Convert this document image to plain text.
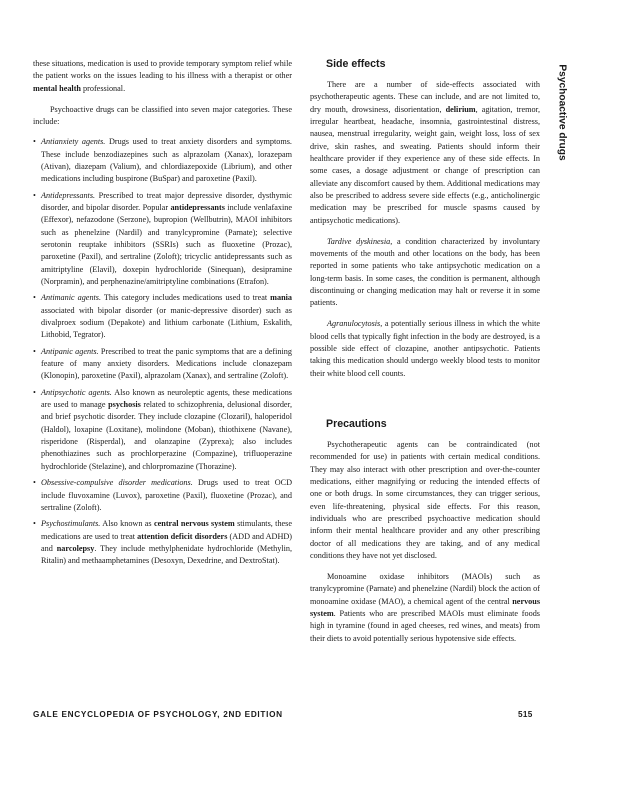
Psychoactive drugs

these situations, medication is used to provide temporary symptom relief while the patient works on the issues leading to his illness with a therapist or other mental health professional.

Psychoactive drugs can be classified into seven major categories. These include:

• Antianxiety agents. Drugs used to treat anxiety disorders and symptoms. These include benzodiazepines such as alprazolam (Xanax), lorazepam (Ativan), diazepam (Valium), and chlordiazepoxide (Librium), and other medications including buspirone (BuSpar) and paroxetine (Paxil).
• Antidepressants. Prescribed to treat major depressive disorder, dysthymic disorder, and bipolar disorder. Popular antidepressants include venlafaxine (Effexor), nefazodone (Serzone), bupropion (Wellbutrin), MAOI inhibitors such as phenelzine (Nardil) and tranylcypromine (Parnate); selective serotonin reuptake inhibitors (SSRIs) such as fluoxetine (Prozac), paroxetine (Paxil), and sertraline (Zoloft); tricyclic antidepressants such as amitriptyline (Elavil), doxepin hydrochloride (Sinequan), desipramine (Norpramin), and perphenazine/amitriptyline combinations (Etrafon).
• Antimanic agents. This category includes medications used to treat mania associated with bipolar disorder (or manic-depressive disorder) such as divalproex sodium (Depakote) and lithium carbonate (Lithium, Eskalith, Lithobid, Tegrator).
• Antipanic agents. Prescribed to treat the panic symptoms that are a defining feature of many anxiety disorders. Medications include clonazepam (Klonopin), paroxetine (Paxil), alprazolam (Xanax), and sertraline (Zoloft).
• Antipsychotic agents. Also known as neuroleptic agents, these medications are used to manage psychosis related to schizophrenia, delusional disorder, and brief psychotic disorder. They include clozapine (Clozaril), haloperidol (Haldol), loxapine (Loxitane), molindone (Moban), thiothixene (Navane), risperidone (Risperdal), and olanzapine (Zyprexa); also includes phenothiazines such as prochlorperazine (Compazine), trifluoperazine hydrochloride (Stelazine), and chlorpromazine (Thorazine).
• Obsessive-compulsive disorder medications. Drugs used to treat OCD include fluvoxamine (Luvox), paroxetine (Paxil), fluoxetine (Prozac), and sertraline (Zoloft).
• Psychostimulants. Also known as central nervous system stimulants, these medications are used to treat attention deficit disorders (ADD and ADHD) and narcolepsy. They include methylphenidate hydrochloride (Methylin, Ritalin) and methaamphetamines (Desoxyn, Dexedrine, and DextroStat).
Side effects

There are a number of side-effects associated with psychotherapeutic agents. These can include, and are not limited to, dry mouth, drowsiness, disorientation, delirium, agitation, tremor, irregular heartbeat, headache, insomnia, gastrointestinal distress, nausea, menstrual irregularity, weight gain, weight loss, loss of sex drive, skin rashes, and sweating. Patients should inform their healthcare provider if they experience any of these side effects. In some cases, a dosage adjustment or change of prescription can alleviate any discomfort caused by them. Additional medications may also be prescribed to address severe side effects (e.g., anticholinergic medication may be prescribed for muscle spasms caused by antipsychotic medications).

Tardive dyskinesia, a condition characterized by involuntary movements of the mouth and other locations on the body, has been reported in some patients who take antipsychotic medication on a long-term basis. In some cases, the condition is permanent, although discontinuing or changing medication may halt or reverse it in some patients.

Agranulocytosis, a potentially serious illness in which the white blood cells that typically fight infection in the body are destroyed, is a possible side effect of clozapine, another antipsychotic. Patients taking this medication should undergo weekly blood tests to monitor their white blood cell counts.

Precautions

Psychotherapeutic agents can be contraindicated (not recommended for use) in patients with certain medical conditions. They may also interact with other prescription and over-the-counter medications, either magnifying or reducing the intended effects of one or both drugs. In some circumstances, they can trigger serious, even life-threatening, physical side effects. For this reason, individuals who are prescribed psychoactive medication should inform their mental healthcare provider and any other prescribing doctor of all medications they are taking, and of any medical conditions they have not yet disclosed.

Monoamine oxidase inhibitors (MAOIs) such as tranylcypromine (Parnate) and phenelzine (Nardil) block the action of monoamine oxidase (MAO), a chemical agent of the central nervous system. Patients who are prescribed MAOIs must eliminate foods high in tyramine (found in aged cheeses, red wines, and meats) from their diets to avoid potentially serious hypotensive side effects.

GALE ENCYCLOPEDIA OF PSYCHOLOGY, 2ND EDITION	515
